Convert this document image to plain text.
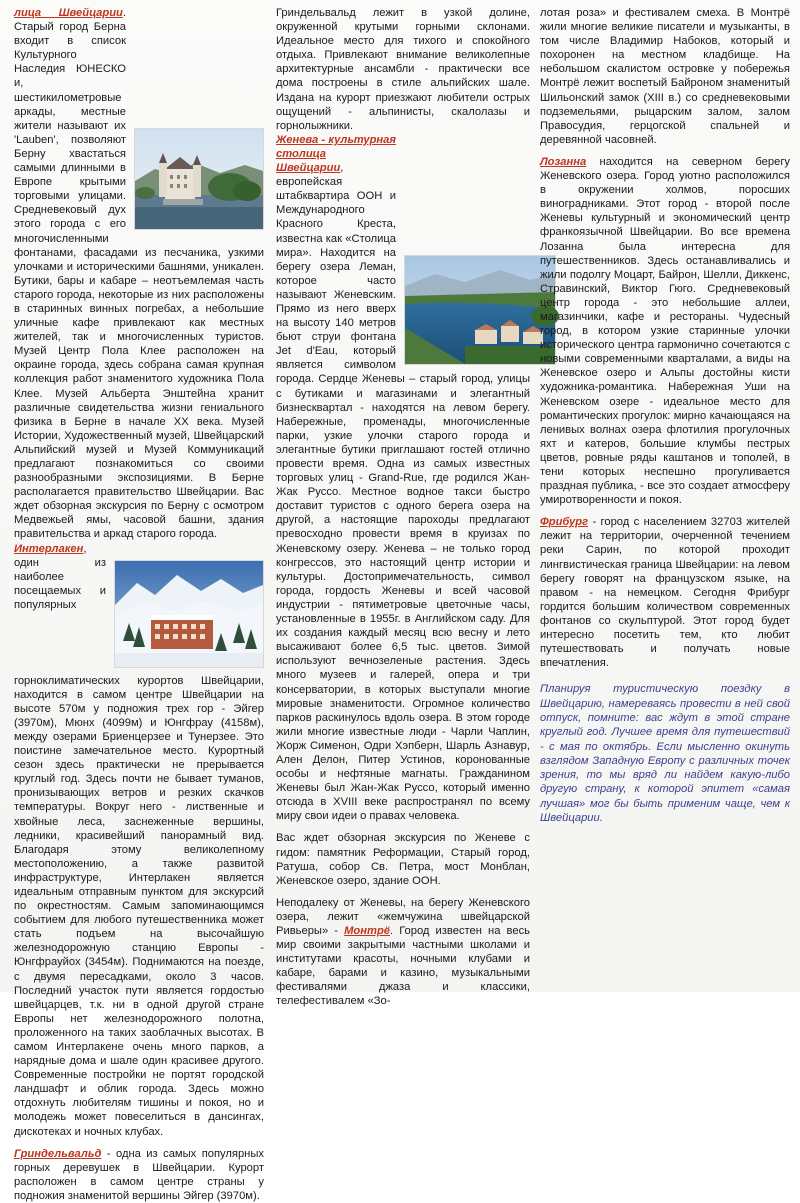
лица Швейцарии. Старый город Берна входит в список Культурного Наследия ЮНЕСКО и, шестикилометровые аркады, местные жители называют их 'Lauben', позволяют Берну хвастаться самыми длинными в Европе крытыми торговыми улицами. Средневековый дух этого города с его многочисленными фонтанами, фасадами из песчаника, узкими улочками и историческими башнями, уникален. Бутики, бары и кабаре – неотъемлемая часть старого города, некоторые из них расположены в старинных винных погребах, а небольшие уличные кафе привлекают как местных жителей, так и многочисленных туристов. Музей Центр Пола Клее расположен на окраине города, здесь собрана самая крупная коллекция работ знаменитого художника Пола Клее. Музей Альберта Энштейна хранит различные свидетельства жизни гениального физика в Берне в начале XX века. Музей Истории, Художественный музей, Швейцарский Альпийский музей и Музей Коммуникаций предлагают познакомиться со своими разнообразными экспозициями. В Берне располагается правительство Швейцарии. Вас ждет обзорная экскурсия по Берну с осмотром Медвежьей ямы, часовой башни, здания правительства и аркад старого города.

Интерлакен, один из наиболее посещаемых и популярных горноклиматических курортов Швейцарии, находится в самом центре Швейцарии на высоте 570м у подножия трех гор - Эйгер (3970м), Мюнх (4099м) и Юнгфрау (4158м), между озерами Бриенцерзее и Тунерзее. Это поистине замечательное место. Курортный сезон здесь практически не прерывается круглый год. Здесь почти не бывает туманов, пронизывающих ветров и резких скачков температуры. Вокруг него - лиственные и хвойные леса, заснеженные вершины, ледники, красивейший панорамный вид. Благодаря этому великолепному местоположению, а также развитой инфраструктуре, Интерлакен является идеальным отправным пунктом для экскурсий по окрестностям. Самым запоминающимся событием для любого путешественника может стать подъем на высочайшую железнодорожную станцию Европы - Юнгфрауйох (3454м). Поднимаются на поезде, с двумя пересадками, около 3 часов. Последний участок пути является гордостью швейцарцев, т.к. ни в одной другой стране Европы нет железнодорожного полотна, проложенного на таких заоблачных высотах. В самом Интерлакене очень много парков, а нарядные дома и шале один красивее другого. Современные постройки не портят городской ландшафт и облик города. Здесь можно отдохнуть любителям тишины и покоя, но и молодежь может повеселиться в дансингах, дискотеках и ночных клубах.

Гриндельвальд - одна из самых популярных горных деревушек в Швейцарии. Курорт расположен в самом центре страны у подножия знаменитой вершины Эйгер (3970м).

Гриндельвальд лежит в узкой долине, окруженной крутыми горными склонами. Идеальное место для тихого и спокойного отдыха. Привлекают внимание великолепные архитектурные ансамбли - практически все дома построены в стиле альпийских шале. Издана на курорт приезжают любители острых ощущений - альпинисты, скалолазы и горнолыжники.

Женева - культурная столица Швейцарии, европейская штабквартира ООН и Международного Красного Креста, известна как «Столица мира». Находится на берегу озера Леман, которое часто называют Женевским. Прямо из него вверх на высоту 140 метров бьют струи фонтана Jet d'Eau, который является символом города. Сердце Женевы – старый город, улицы с бутиками и магазинами и элегантный бизнесквартал - находятся на левом берегу. Набережные, променады, многочисленные парки, узкие улочки старого города и элегантные бутики приглашают гостей отлично провести время. Одна из самых известных торговых улиц - Grand-Rue, где родился Жан-Жак Руссо. Местное водное такси быстро доставит туристов с одного берега озера на другой, а настоящие пароходы предлагают превосходно провести время в круизах по Женевскому озеру. Женева – не только город конгрессов, это настоящий центр истории и культуры. Достопримечательность, символ города, гордость Женевы и всей часовой индустрии - пятиметровые цветочные часы, установленные в 1955г. в Английском саду. Для их создания каждый месяц всю весну и лето высаживают более 6,5 тыс. цветов. Зимой используют вечнозеленые растения. Здесь много музеев и галерей, опера и три консерватории, в которых выступали многие мировые знаменитости. Огромное количество парков раскинулось вдоль озера. В этом городе жили многие известные люди - Чарли Чаплин, Жорж Сименон, Одри Хэпберн, Шарль Азнавур, Ален Делон, Питер Устинов, коронованные особы и нефтяные магнаты. Гражданином Женевы был Жан-Жак Руссо, который именно отсюда в XVIII веке распространял по всему миру свои идеи о правах человека.

Вас ждет обзорная экскурсия по Женеве с гидом: памятник Реформации, Старый город, Ратуша, собор Св. Петра, мост Монблан, Женевское озеро, здание ООН.

Неподалеку от Женевы, на берегу Женевского озера, лежит «жемчужина швейцарской Ривьеры» - Монтрё. Город известен на весь мир своими закрытыми частными школами и институтами красоты, ночными клубами и кабаре, барами и казино, музыкальными фестивалями джаза и классики, телефестивалем «Зо-

лотая роза» и фестивалем смеха. В Монтрё жили многие великие писатели и музыканты, в том числе Владимир Набоков, который и похоронен на местном кладбище. На небольшом скалистом островке у побережья Монтрё лежит воспетый Байроном знаменитый Шильонский замок (XIII в.) со средневековыми подземельями, рыцарским залом, залом Правосудия, герцогской спальней и деревянной часовней.

Лозанна находится на северном берегу Женевского озера. Город уютно расположился в окружении холмов, поросших виноградниками. Этот город - второй после Женевы культурный и экономический центр франкоязычной Швейцарии. Во все времена Лозанна была интересна для путешественников. Здесь останавливались и жили подолгу Моцарт, Байрон, Шелли, Диккенс, Стравинский, Виктор Гюго. Средневековый центр города - это небольшие аллеи, магазинчики, кафе и рестораны. Чудесный город, в котором узкие старинные улочки исторического центра гармонично сочетаются с новыми современными кварталами, а виды на Женевское озеро и Альпы достойны кисти художника-романтика. Набережная Уши на Женевском озере - идеальное место для романтических прогулок: мирно качающаяся на ленивых волнах озера флотилия прогулочных яхт и катеров, большие клумбы пестрых цветов, ровные ряды каштанов и тополей, в тени которых неспешно прогуливается праздная публика, - все это создает атмосферу умиротворенности и покоя.

Фрибург - город с населением 32703 жителей лежит на территории, очерченной течением реки Сарин, по которой проходит лингвистическая граница Швейцарии: на левом берегу говорят на французском языке, на правом - на немецком. Сегодня Фрибург гордится большим количеством современных фонтанов со скульптурой. Этот город будет интересно посетить тем, кто любит путешествовать и получать новые впечатления.

Планируя туристическую поездку в Швейцарию, намереваясь провести в ней свой отпуск, помните: вас ждут в этой стране круглый год. Лучшее время для путешествий - с мая по октябрь. Если мысленно окинуть взглядом Западную Европу с различных точек зрения, то мы вряд ли найдем какую-либо другую страну, к которой эпитет «самая лучшая» мог бы быть применим чаще, чем к Швейцарии.
